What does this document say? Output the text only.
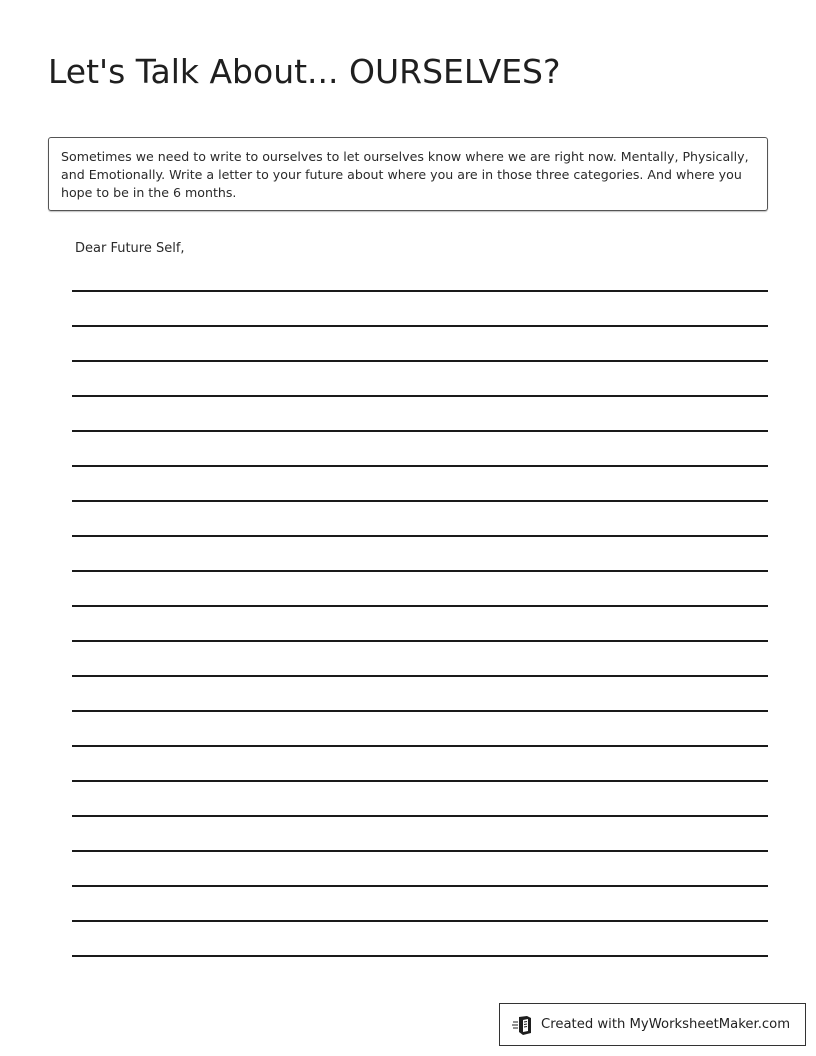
Let's Talk About... OURSELVES?
Sometimes we need to write to ourselves to let ourselves know where we are right now. Mentally, Physically, and Emotionally. Write a letter to your future about where you are in those three categories. And where you hope to be in the 6 months.
Dear Future Self,
Created with MyWorksheetMaker.com
